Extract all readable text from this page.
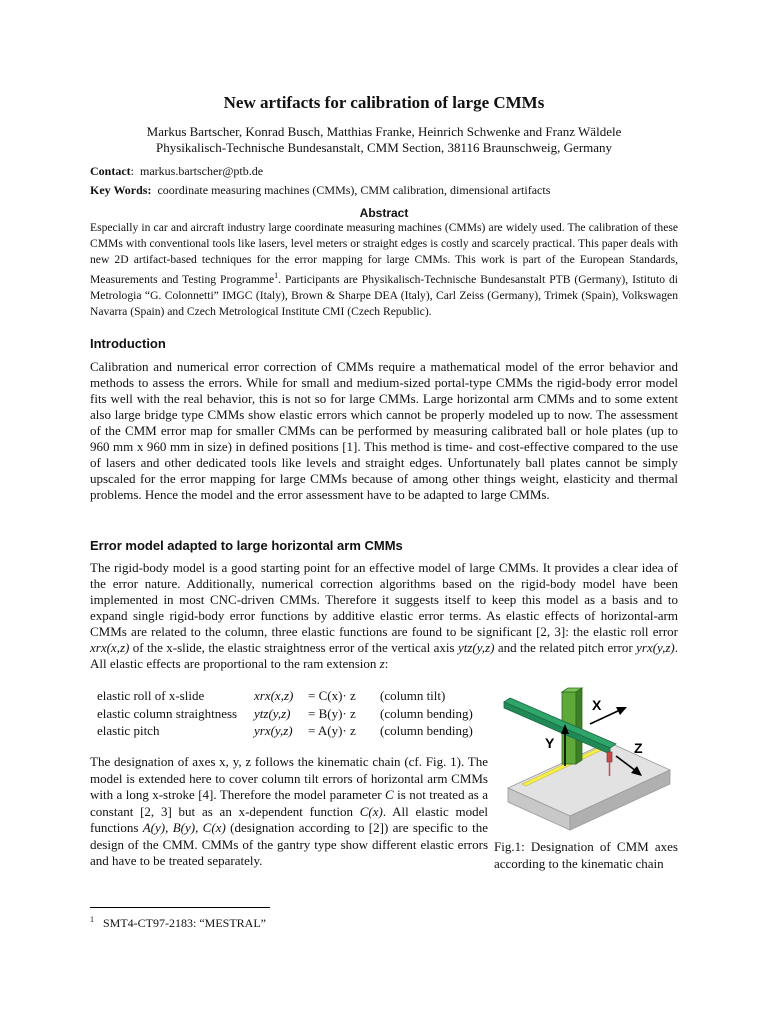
New artifacts for calibration of large CMMs
Markus Bartscher, Konrad Busch, Matthias Franke, Heinrich Schwenke and Franz Wäldele
Physikalisch-Technische Bundesanstalt, CMM Section, 38116 Braunschweig, Germany
Contact:  markus.bartscher@ptb.de
Key Words: coordinate measuring machines (CMMs), CMM calibration, dimensional artifacts
Abstract
Especially in car and aircraft industry large coordinate measuring machines (CMMs) are widely used. The calibration of these CMMs with conventional tools like lasers, level meters or straight edges is costly and scarcely practical. This paper deals with new 2D artifact-based techniques for the error mapping for large CMMs. This work is part of the European Standards, Measurements and Testing Programme$^1$. Participants are Physikalisch-Technische Bundesanstalt PTB (Germany), Istituto di Metrologia “G. Colonnetti” IMGC (Italy), Brown & Sharpe DEA (Italy), Carl Zeiss (Germany), Trimek (Spain), Volkswagen Navarra (Spain) and Czech Metrological Institute CMI (Czech Republic).
Introduction
Calibration and numerical error correction of CMMs require a mathematical model of the error behavior and methods to assess the errors. While for small and medium-sized portal-type CMMs the rigid-body error model fits well with the real behavior, this is not so for large CMMs. Large horizontal arm CMMs and to some extent also large bridge type CMMs show elastic errors which cannot be properly modeled up to now. The assessment of the CMM error map for smaller CMMs can be performed by measuring calibrated ball or hole plates (up to 960 mm x 960 mm in size) in defined positions [1]. This method is time- and cost-effective compared to the use of lasers and other dedicated tools like levels and straight edges. Unfortunately ball plates cannot be simply upscaled for the error mapping for large CMMs because of among other things weight, elasticity and thermal problems. Hence the model and the error assessment have to be adapted to large CMMs.
Error model adapted to large horizontal arm CMMs
The rigid-body model is a good starting point for an effective model of large CMMs. It provides a clear idea of the error nature. Additionally, numerical correction algorithms based on the rigid-body model have been implemented in most CNC-driven CMMs. Therefore it suggests itself to keep this model as a basis and to expand single rigid-body error functions by additive elastic error terms. As elastic effects of horizontal-arm CMMs are related to the column, three elastic functions are found to be significant [2, 3]: the elastic roll error xrx(x,z) of the x-slide, the elastic straightness error of the vertical axis ytz(y,z) and the related pitch error yrx(y,z). All elastic effects are proportional to the ram extension z:
elastic roll of x-slide	xrx(x,z) = C(x)· z (column tilt)
elastic column straightness ytz(y,z) = B(y)· z (column bending)
elastic pitch	yrx(y,z) = A(y)· z (column bending)
The designation of axes x, y, z follows the kinematic chain (cf. Fig. 1). The model is extended here to cover column tilt errors of horizontal arm CMMs with a long x-stroke [4]. Therefore the model parameter C is not treated as a constant [2, 3] but as an x-dependent function C(x). All elastic model functions A(y), B(y), C(x) (designation according to [2]) are specific to the design of the CMM. CMMs of the gantry type show different elastic errors and have to be treated separately.
X
Y	Z
Fig.1: Designation of CMM axes according to the kinematic chain
$^1$ SMT4-CT97-2183: “MESTRAL”
